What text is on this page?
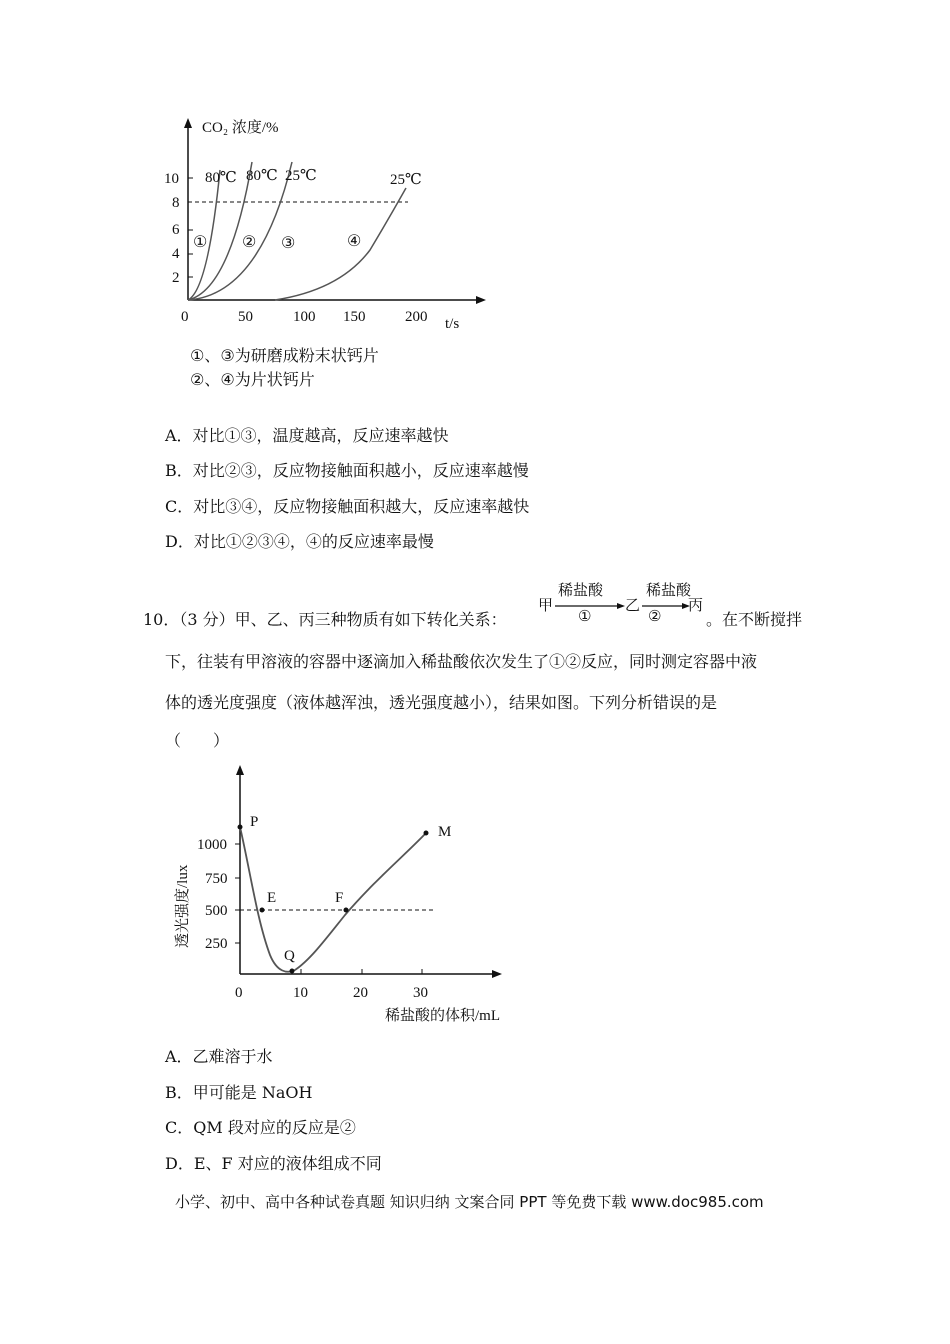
2
4
6
8
10
0	50	100 150	200
CO₂ 浓度/%
t/s
80℃ 80℃ 25℃	25℃
① ② ③	④
①、③为研磨成粉末状钙片
②、④为片状钙片
A．对比①③，温度越高，反应速率越快
B．对比②③，反应物接触面积越小，反应速率越慢
C．对比③④，反应物接触面积越大，反应速率越快
D．对比①②③④，④的反应速率最慢
10．（3 分）甲、乙、丙三种物质有如下转化关系：
甲
稀盐酸
①
乙
稀盐酸
②
丙
。在不断搅拌
下，往装有甲溶液的容器中逐滴加入稀盐酸依次发生了①②反应，同时测定容器中液
体的透光度强度（液体越浑浊，透光强度越小），结果如图。下列分析错误的是
（　　）
250
500
750
1000
0	10	20	30
稀盐酸的体积/mL
透光强度/lux
P
E
Q
F
M
A．乙难溶于水
B．甲可能是 NaOH
C．QM 段对应的反应是②
D．E、F 对应的液体组成不同
小学、初中、高中各种试卷真题 知识归纳 文案合同 PPT 等免费下载 www.doc985.com
